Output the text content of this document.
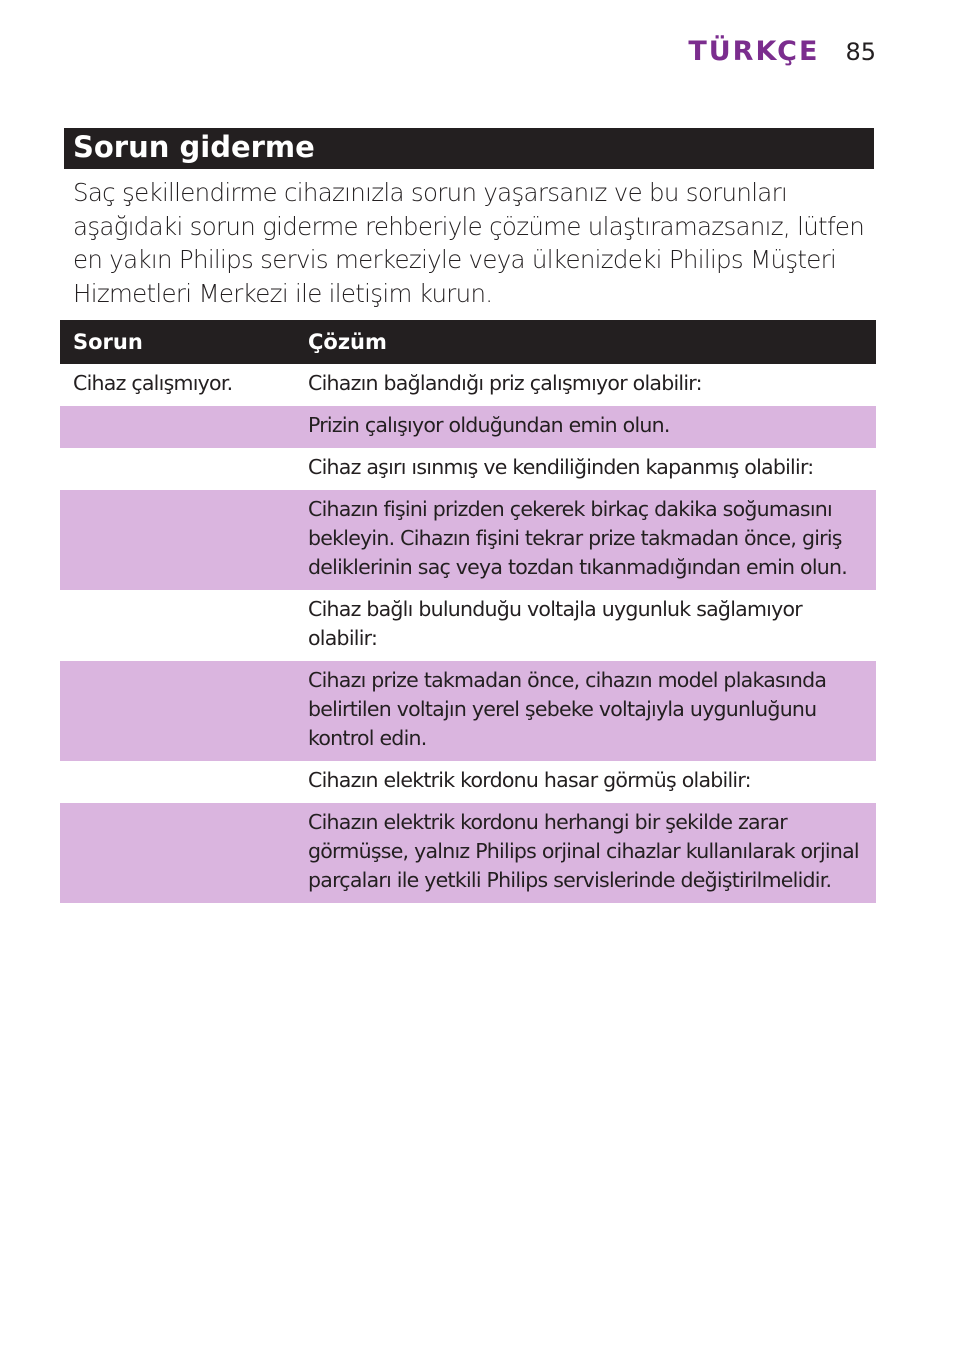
TÜRKÇE 85
Sorun giderme

Saç şekillendirme cihazınızla sorun yaşarsanız ve bu sorunları aşağıdaki sorun giderme rehberiyle çözüme ulaştıramazsanız, lütfen en yakın Philips servis merkeziyle veya ülkenizdeki Philips Müşteri Hizmetleri Merkezi ile iletişim kurun.

Sorun	Çözüm
Cihaz çalışmıyor.	Cihazın bağlandığı priz çalışmıyor olabilir:
	Prizin çalışıyor olduğundan emin olun.
	Cihaz aşırı ısınmış ve kendiliğinden kapanmış olabilir:
	Cihazın fişini prizden çekerek birkaç dakika soğumasını bekleyin. Cihazın fişini tekrar prize takmadan önce, giriş deliklerinin saç veya tozdan tıkanmadığından emin olun.
	Cihaz bağlı bulunduğu voltajla uygunluk sağlamıyor olabilir:
	Cihazı prize takmadan önce, cihazın model plakasında belirtilen voltajın yerel şebeke voltajıyla uygunluğunu kontrol edin.
	Cihazın elektrik kordonu hasar görmüş olabilir:
	Cihazın elektrik kordonu herhangi bir şekilde zarar görmüşse, yalnız Philips orjinal cihazlar kullanılarak orjinal parçaları ile yetkili Philips servislerinde değiştirilmelidir.
